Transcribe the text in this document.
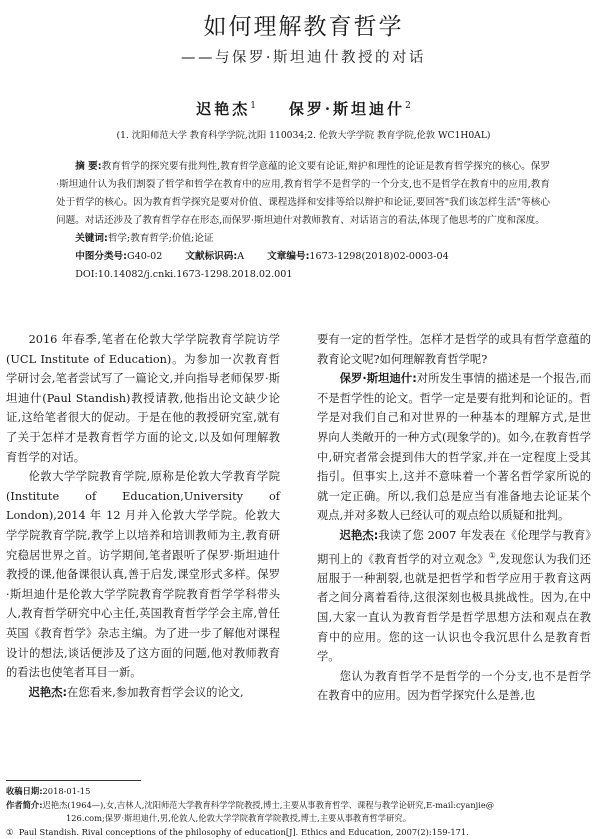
如何理解教育哲学
——与保罗·斯坦迪什教授的对话
迟艳杰$^1$ 保罗·斯坦迪什$^2$
(1. 沈阳师范大学 教育科学学院,沈阳 110034;2. 伦敦大学学院 教育学院,伦敦 WC1H0AL)

摘 要:教育哲学的探究要有批判性,教育哲学意蕴的论文要有论证,辩护和理性的论证是教育哲学探究的核心。保罗·斯坦迪什认为我们割裂了哲学和哲学在教育中的应用,教育哲学不是哲学的一个分支,也不是哲学在教育中的应用,教育处于哲学的核心。因为教育哲学探究是要对价值、课程选择和安排等给以辩护和论证,要回答"我们该怎样生活"等核心问题。对话还涉及了教育哲学存在形态,而保罗·斯坦迪什对教师教育、对话语言的看法,体现了他思考的广度和深度。

关键词:哲学;教育哲学;价值;论证

中图分类号:G40-02 文献标识码:A 文章编号:1673-1298(2018)02-0003-04

DOI:10.14082/j.cnki.1673-1298.2018.02.001

2016 年春季,笔者在伦敦大学学院教育学院访学(UCL Institute of Education)。为参加一次教育哲学研讨会,笔者尝试写了一篇论文,并向指导老师保罗·斯坦迪什(Paul Standish)教授请教,他指出论文缺少论证,这给笔者很大的促动。于是在他的教授研究室,就有了关于怎样才是教育哲学方面的论文,以及如何理解教育哲学的对话。

伦敦大学学院教育学院,原称是伦敦大学教育学院(Institute of Education,University of London),2014 年 12 月并入伦敦大学学院。伦敦大学学院教育学院,教学上以培养和培训教师为主,教育研究稳居世界之首。访学期间,笔者跟听了保罗·斯坦迪什教授的课,他备课很认真,善于启发,课堂形式多样。保罗·斯坦迪什是伦敦大学学院教育学院教育哲学学科带头人,教育哲学研究中心主任,英国教育哲学学会主席,曾任英国《教育哲学》杂志主编。为了进一步了解他对课程设计的想法,谈话便涉及了这方面的问题,他对教师教育的看法也使笔者耳目一新。

迟艳杰:在您看来,参加教育哲学会议的论文,

要有一定的哲学性。怎样才是哲学的或具有哲学意蕴的教育论文呢?如何理解教育哲学呢?

保罗·斯坦迪什:对所发生事情的描述是一个报告,而不是哲学性的论文。哲学一定是要有批判和论证的。哲学是对我们自己和对世界的一种基本的理解方式,是世界向人类敞开的一种方式(现象学的)。如今,在教育哲学中,研究者常会提到伟大的哲学家,并在一定程度上受其指引。但事实上,这并不意味着一个著名哲学家所说的就一定正确。所以,我们总是应当有准备地去论证某个观点,并对多数人已经认可的观点给以质疑和批判。

迟艳杰:我读了您 2007 年发表在《伦理学与教育》期刊上的《教育哲学的对立观念》①,发现您认为我们还屈服于一种割裂,也就是把哲学和哲学应用于教育这两者之间分离着看待,这很深刻也极具挑战性。因为,在中国,大家一直认为教育哲学是哲学思想方法和观点在教育中的应用。您的这一认识也令我沉思什么是教育哲学。

您认为教育哲学不是哲学的一个分支,也不是哲学在教育中的应用。因为哲学探究什么是善,也

收稿日期:2018-01-15
作者简介:迟艳杰(1964—),女,吉林人,沈阳师范大学教育科学学院教授,博士,主要从事教育哲学、课程与教学论研究,E-mail:cyanjie@
126.com;保罗·斯坦迪什,男,伦敦人,伦敦大学学院教育学院教授,博士,主要从事教育哲学研究。
① Paul Standish. Rival conceptions of the philosophy of education[J]. Ethics and Education, 2007(2):159-171.
